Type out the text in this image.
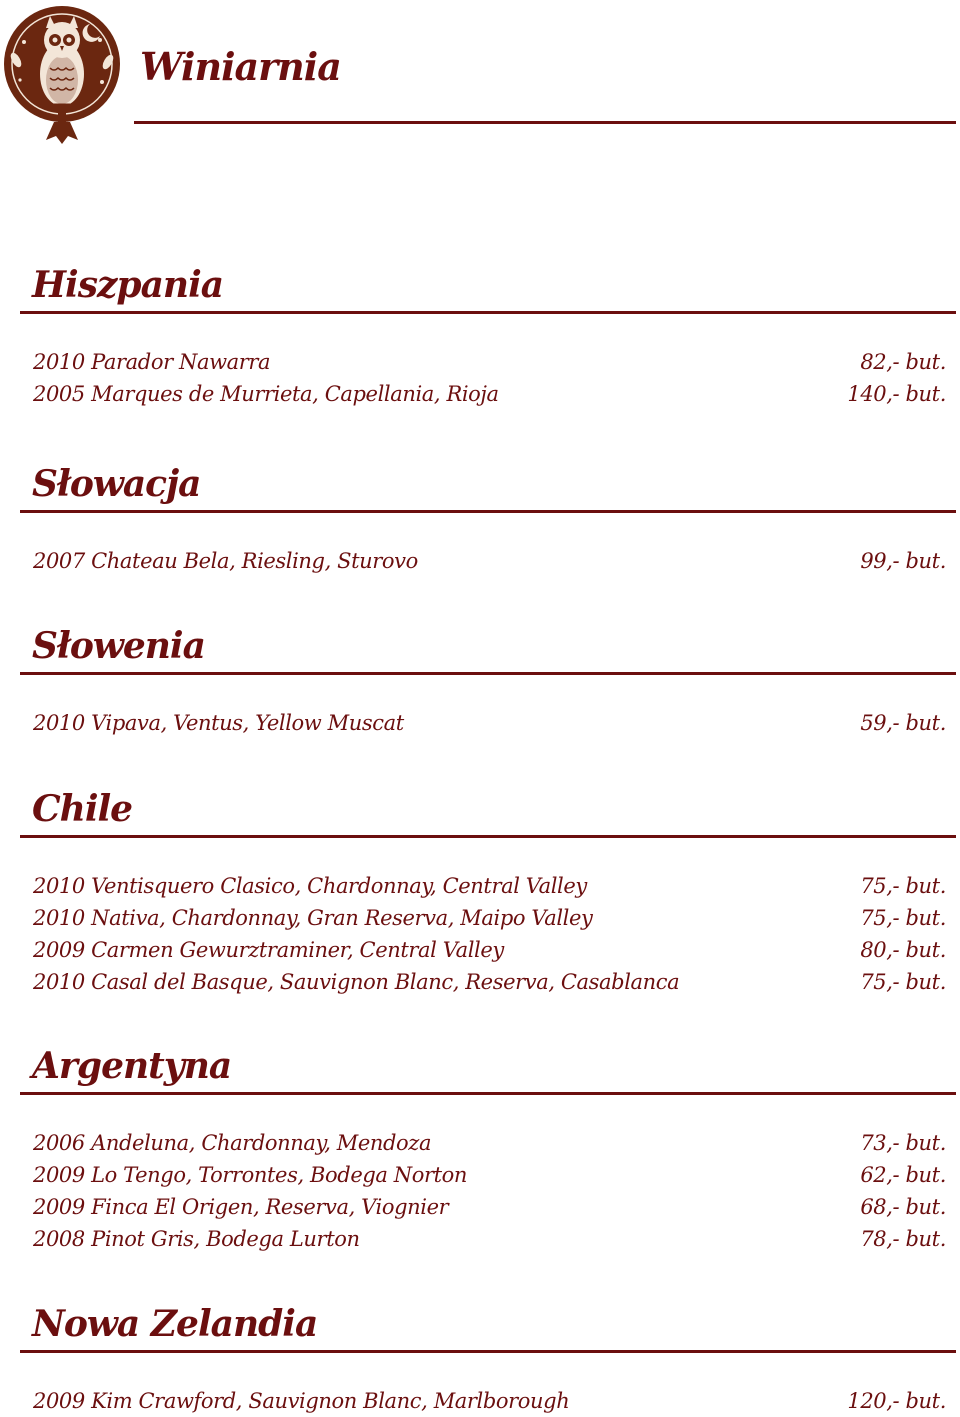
Winiarnia
Hiszpania
2010 Parador Nawarra	82,- but.
2005 Marques de Murrieta, Capellania, Rioja	140,- but.
Słowacja
2007 Chateau Bela, Riesling, Sturovo	99,- but.
Słowenia
2010 Vipava, Ventus, Yellow Muscat	59,- but.
Chile
2010 Ventisquero Clasico, Chardonnay, Central Valley	75,- but.
2010 Nativa, Chardonnay, Gran Reserva, Maipo Valley	75,- but.
2009 Carmen Gewurztraminer, Central Valley	80,- but.
2010 Casal del Basque, Sauvignon Blanc, Reserva, Casablanca	75,- but.
Argentyna
2006 Andeluna, Chardonnay, Mendoza	73,- but.
2009 Lo Tengo, Torrontes, Bodega Norton	62,- but.
2009 Finca El Origen, Reserva, Viognier	68,- but.
2008 Pinot Gris, Bodega Lurton	78,- but.
Nowa Zelandia
2009 Kim Crawford, Sauvignon Blanc, Marlborough	120,- but.
